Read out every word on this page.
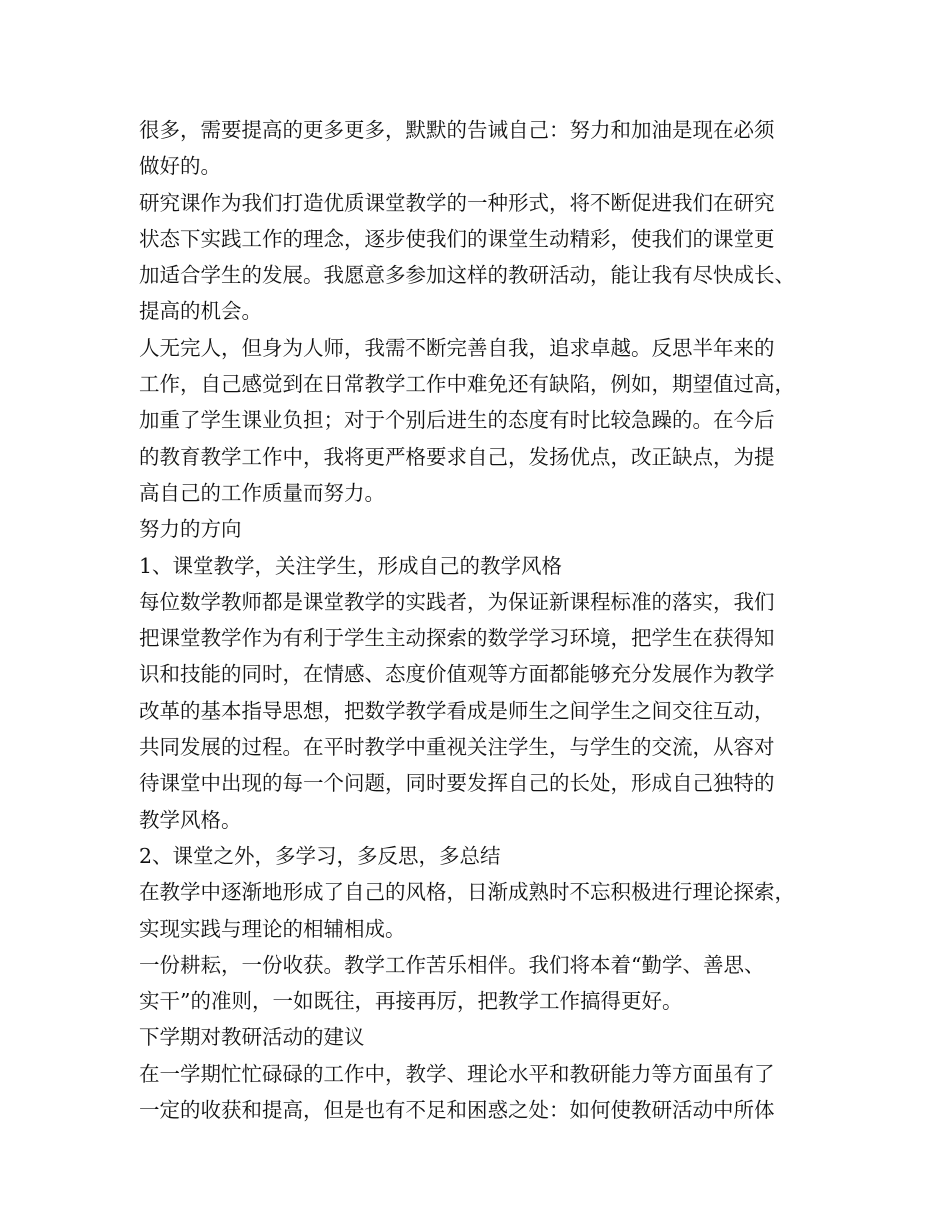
很多，需要提高的更多更多，默默的告诫自己：努力和加油是现在必须
做好的。
研究课作为我们打造优质课堂教学的一种形式，将不断促进我们在研究
状态下实践工作的理念，逐步使我们的课堂生动精彩，使我们的课堂更
加适合学生的发展。我愿意多参加这样的教研活动，能让我有尽快成长、
提高的机会。
人无完人，但身为人师，我需不断完善自我，追求卓越。反思半年来的
工作，自己感觉到在日常教学工作中难免还有缺陷，例如，期望值过高，
加重了学生课业负担；对于个别后进生的态度有时比较急躁的。在今后
的教育教学工作中，我将更严格要求自己，发扬优点，改正缺点，为提
高自己的工作质量而努力。
努力的方向
1、课堂教学，关注学生，形成自己的教学风格
每位数学教师都是课堂教学的实践者，为保证新课程标准的落实，我们
把课堂教学作为有利于学生主动探索的数学学习环境，把学生在获得知
识和技能的同时，在情感、态度价值观等方面都能够充分发展作为教学
改革的基本指导思想，把数学教学看成是师生之间学生之间交往互动，
共同发展的过程。在平时教学中重视关注学生，与学生的交流，从容对
待课堂中出现的每一个问题，同时要发挥自己的长处，形成自己独特的
教学风格。
2、课堂之外，多学习，多反思，多总结
在教学中逐渐地形成了自己的风格，日渐成熟时不忘积极进行理论探索，
实现实践与理论的相辅相成。
一份耕耘，一份收获。教学工作苦乐相伴。我们将本着“勤学、善思、
实干”的准则，一如既往，再接再厉，把教学工作搞得更好。
下学期对教研活动的建议
在一学期忙忙碌碌的工作中，教学、理论水平和教研能力等方面虽有了
一定的收获和提高，但是也有不足和困惑之处：如何使教研活动中所体
